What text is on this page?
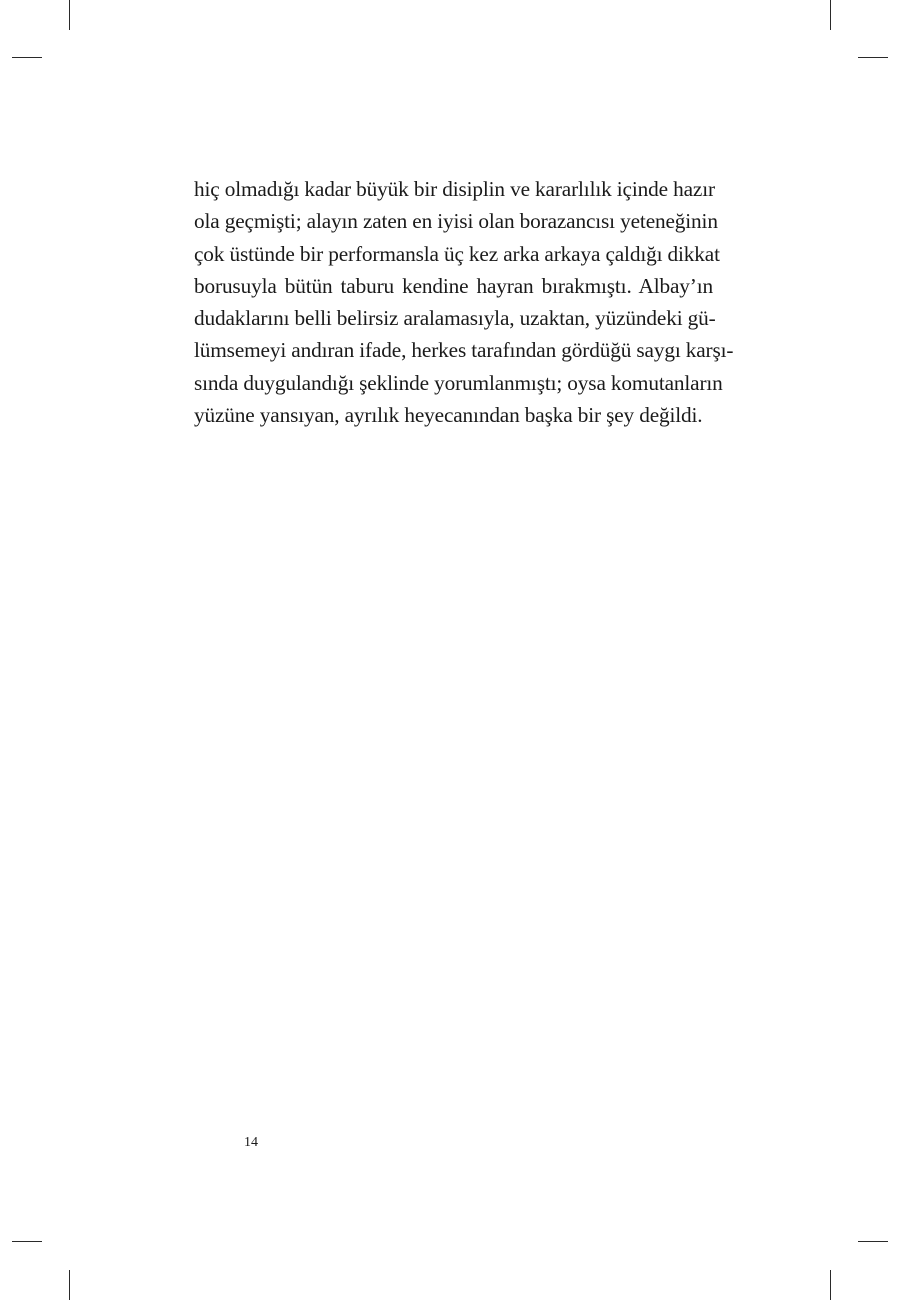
hiç olmadığı kadar büyük bir disiplin ve kararlılık içinde hazır
ola geçmişti; alayın zaten en iyisi olan borazancısı yeteneğinin
çok üstünde bir performansla üç kez arka arkaya çaldığı dikkat
borusuyla bütün taburu kendine hayran bırakmıştı. Albay’ın
dudaklarını belli belirsiz aralamasıyla, uzaktan, yüzündeki gü-
lümsemeyi andıran ifade, herkes tarafından gördüğü saygı karşı-
sında duygulandığı şeklinde yorumlanmıştı; oysa komutanların
yüzüne yansıyan, ayrılık heyecanından başka bir şey değildi.
14
